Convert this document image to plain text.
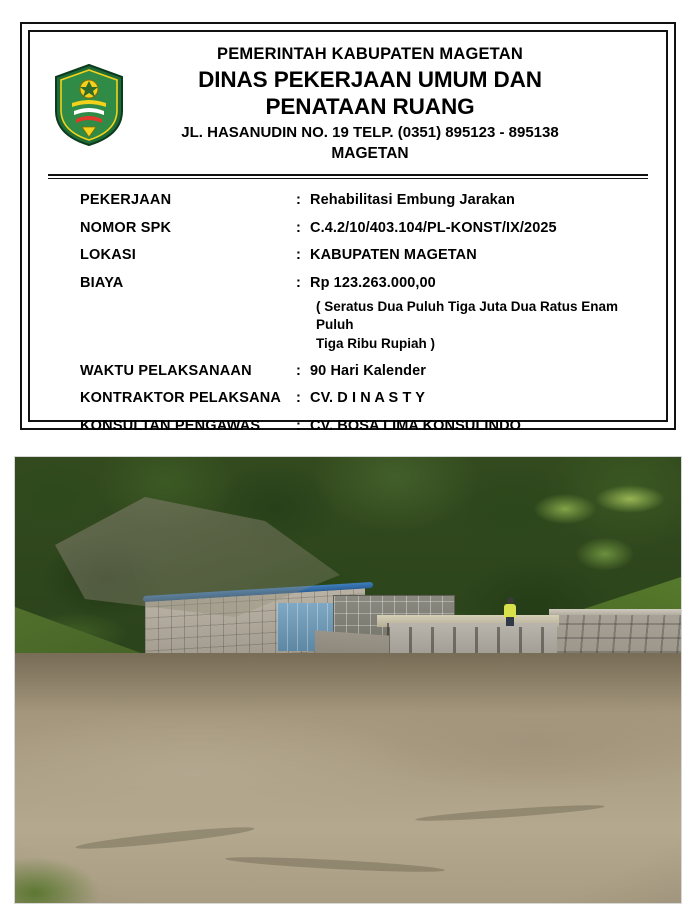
PEMERINTAH KABUPATEN MAGETAN
DINAS PEKERJAAN UMUM DAN PENATAAN RUANG
JL. HASANUDIN NO. 19 TELP. (0351) 895123 - 895138
MAGETAN
PEKERJAAN	: Rehabilitasi Embung Jarakan
NOMOR SPK	: C.4.2/10/403.104/PL-KONST/IX/2025
LOKASI	: KABUPATEN MAGETAN
BIAYA	: Rp 123.263.000,00
( Seratus Dua Puluh Tiga Juta Dua Ratus Enam Puluh
Tiga Ribu Rupiah )
WAKTU PELAKSANAAN	: 90 Hari Kalender
KONTRAKTOR PELAKSANA	: CV. D I N A S T Y
KONSULTAN PENGAWAS	: CV. BOSA LIMA KONSULINDO
